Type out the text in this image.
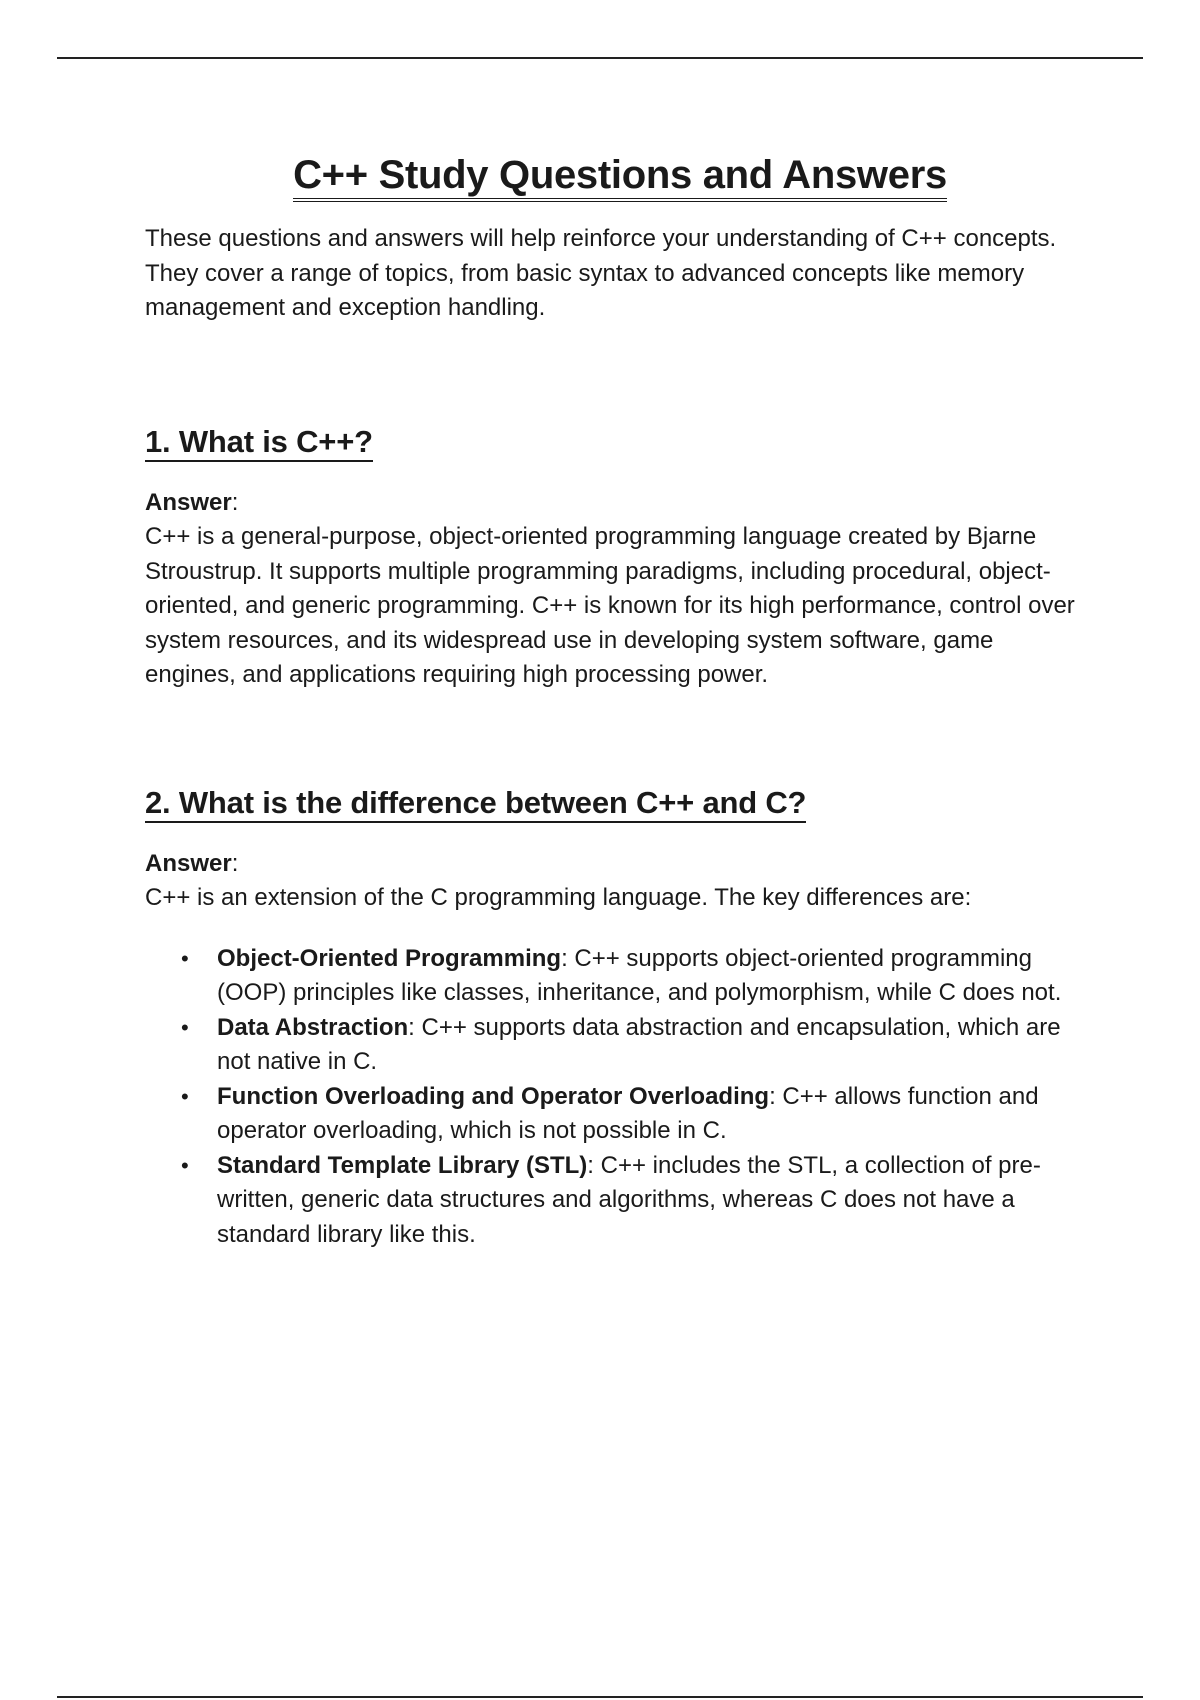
C++ Study Questions and Answers

These questions and answers will help reinforce your understanding of C++ concepts. They cover a range of topics, from basic syntax to advanced concepts like memory management and exception handling.

1. What is C++?

Answer:

C++ is a general-purpose, object-oriented programming language created by Bjarne Stroustrup. It supports multiple programming paradigms, including procedural, object-oriented, and generic programming. C++ is known for its high performance, control over system resources, and its widespread use in developing system software, game engines, and applications requiring high processing power.

2. What is the difference between C++ and C?

Answer:

C++ is an extension of the C programming language. The key differences are:

• Object-Oriented Programming: C++ supports object-oriented programming (OOP) principles like classes, inheritance, and polymorphism, while C does not.
• Data Abstraction: C++ supports data abstraction and encapsulation, which are not native in C.
• Function Overloading and Operator Overloading: C++ allows function and operator overloading, which is not possible in C.
• Standard Template Library (STL): C++ includes the STL, a collection of pre-written, generic data structures and algorithms, whereas C does not have a standard library like this.
